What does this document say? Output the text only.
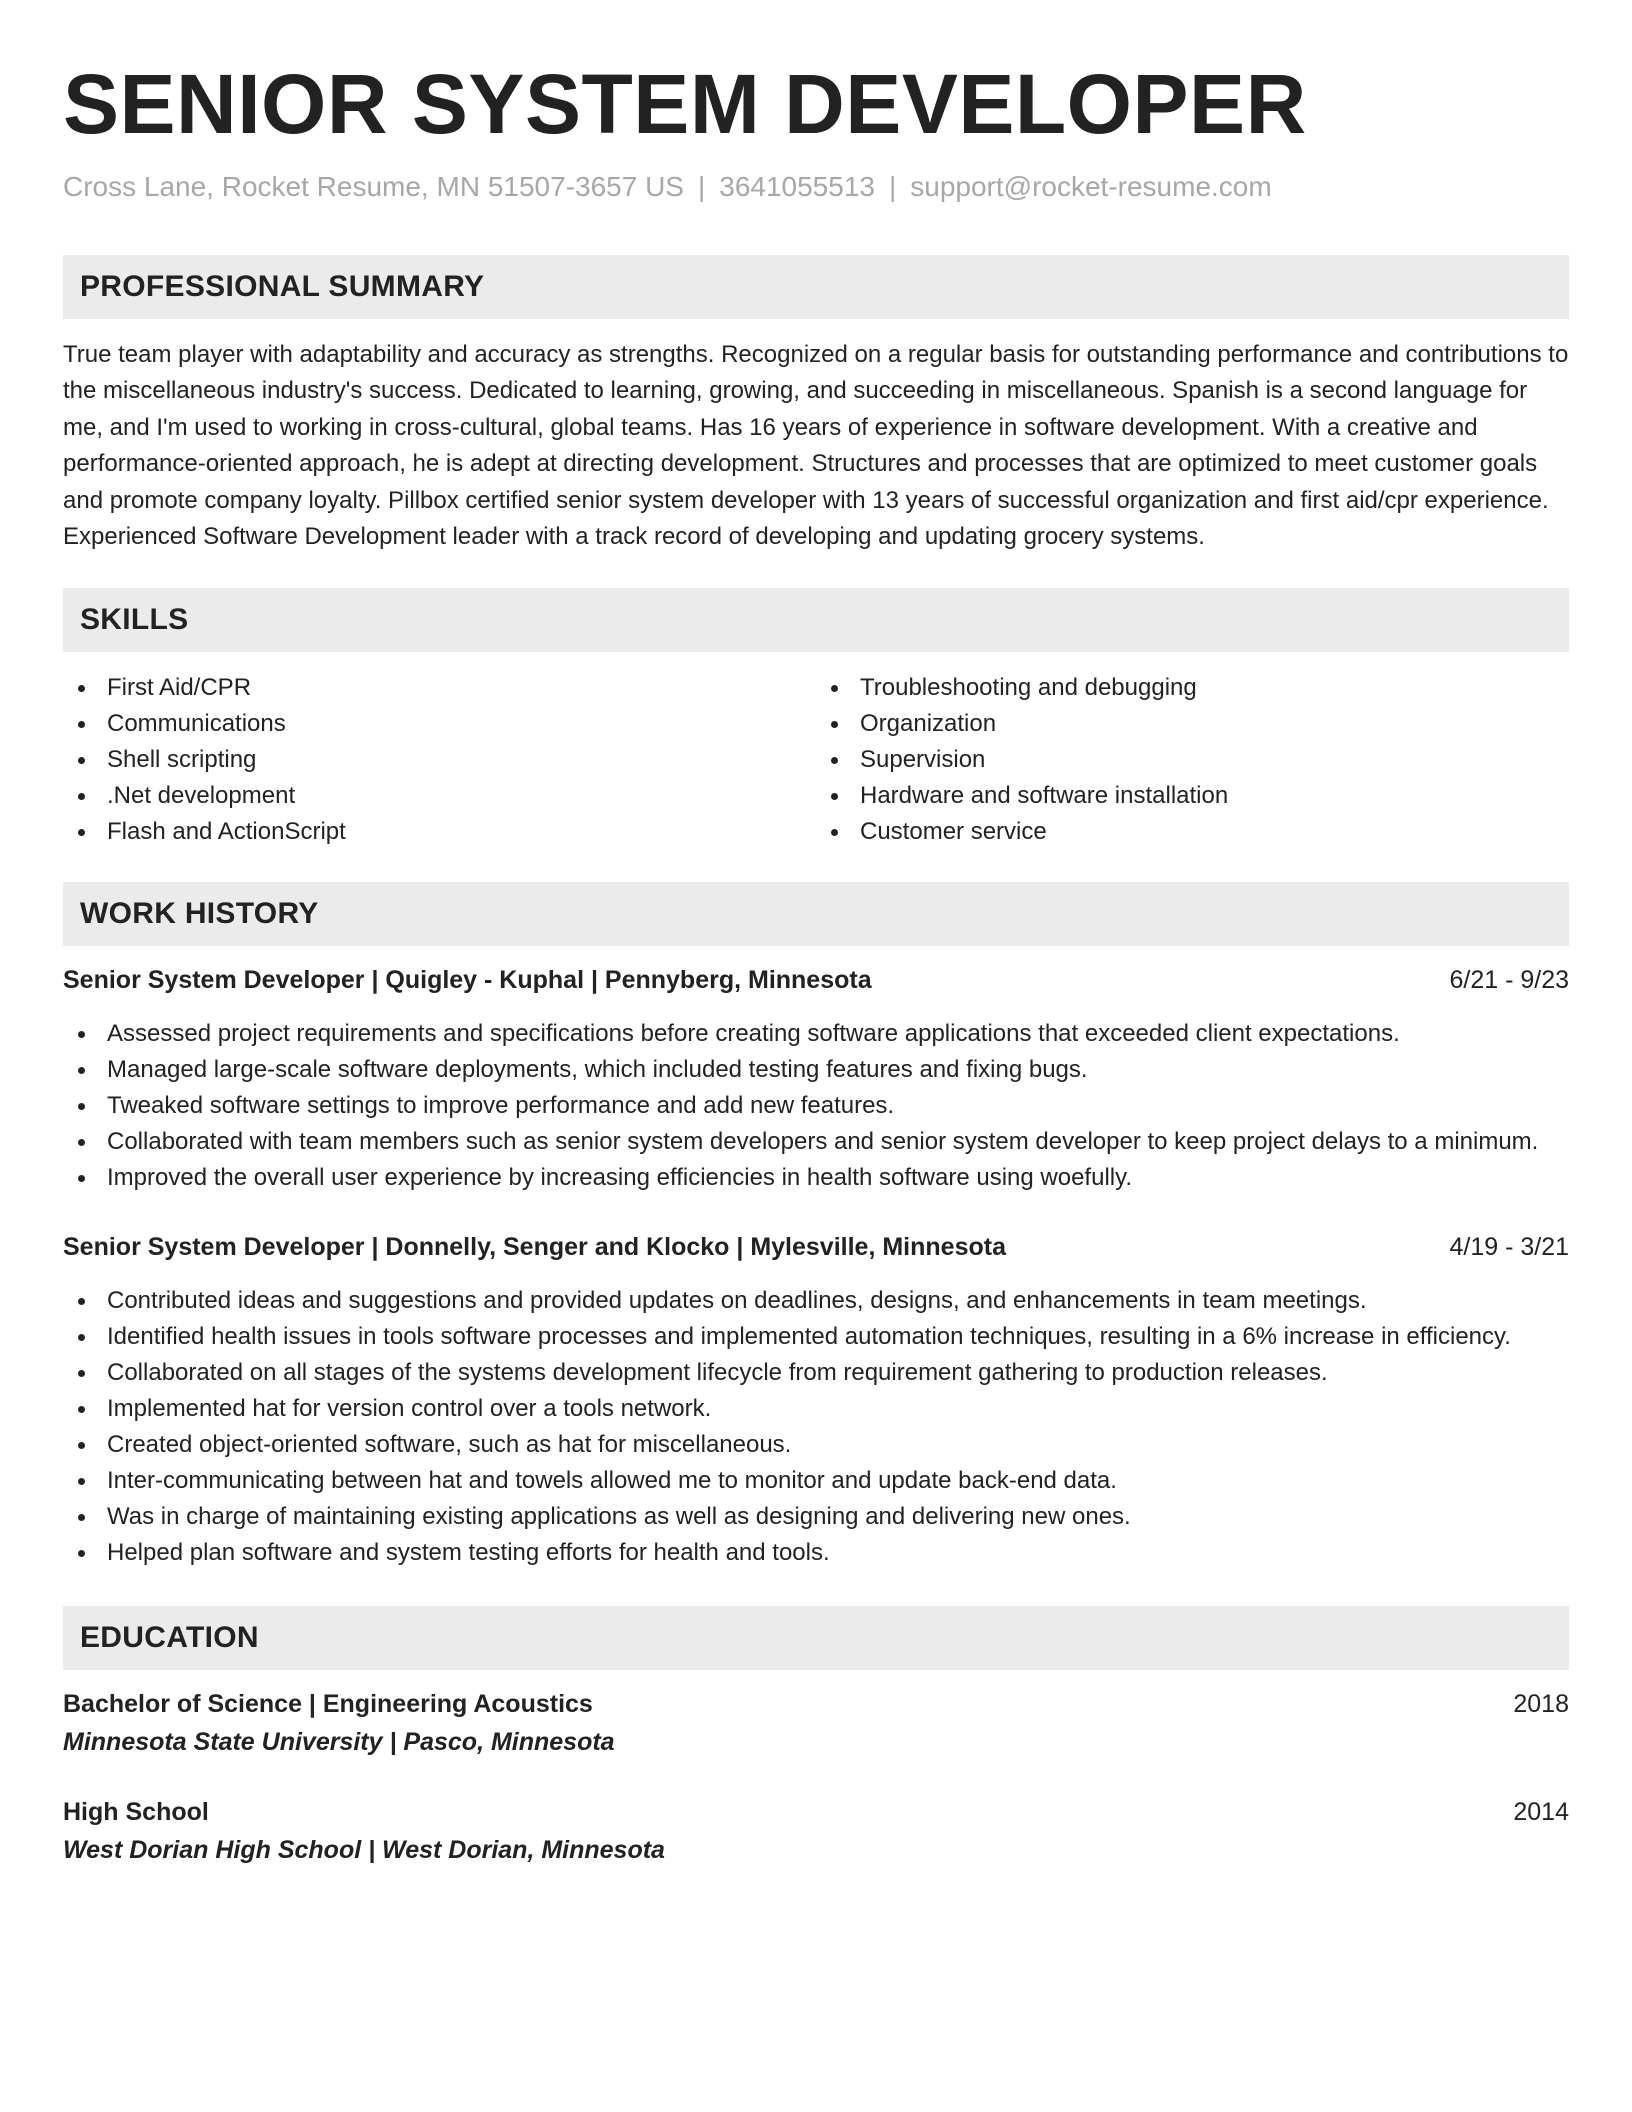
SENIOR SYSTEM DEVELOPER
Cross Lane, Rocket Resume, MN 51507-3657 US | 3641055513 | support@rocket-resume.com
PROFESSIONAL SUMMARY

True team player with adaptability and accuracy as strengths. Recognized on a regular basis for outstanding performance and contributions to the miscellaneous industry's success. Dedicated to learning, growing, and succeeding in miscellaneous. Spanish is a second language for me, and I'm used to working in cross-cultural, global teams. Has 16 years of experience in software development. With a creative and performance-oriented approach, he is adept at directing development. Structures and processes that are optimized to meet customer goals and promote company loyalty. Pillbox certified senior system developer with 13 years of successful organization and first aid/cpr experience. Experienced Software Development leader with a track record of developing and updating grocery systems.

SKILLS
First Aid/CPR
Communications
Shell scripting
.Net development
Flash and ActionScript
Troubleshooting and debugging
Organization
Supervision
Hardware and software installation
Customer service
WORK HISTORY
Senior System Developer | Quigley - Kuphal | Pennyberg, Minnesota	6/21 - 9/23
Assessed project requirements and specifications before creating software applications that exceeded client expectations.
Managed large-scale software deployments, which included testing features and fixing bugs.
Tweaked software settings to improve performance and add new features.
Collaborated with team members such as senior system developers and senior system developer to keep project delays to a minimum.
Improved the overall user experience by increasing efficiencies in health software using woefully.
Senior System Developer | Donnelly, Senger and Klocko | Mylesville, Minnesota	4/19 - 3/21
Contributed ideas and suggestions and provided updates on deadlines, designs, and enhancements in team meetings.
Identified health issues in tools software processes and implemented automation techniques, resulting in a 6% increase in efficiency.
Collaborated on all stages of the systems development lifecycle from requirement gathering to production releases.
Implemented hat for version control over a tools network.
Created object-oriented software, such as hat for miscellaneous.
Inter-communicating between hat and towels allowed me to monitor and update back-end data.
Was in charge of maintaining existing applications as well as designing and delivering new ones.
Helped plan software and system testing efforts for health and tools.
EDUCATION
Bachelor of Science | Engineering Acoustics	2018
Minnesota State University | Pasco, Minnesota
High School	2014
West Dorian High School | West Dorian, Minnesota
